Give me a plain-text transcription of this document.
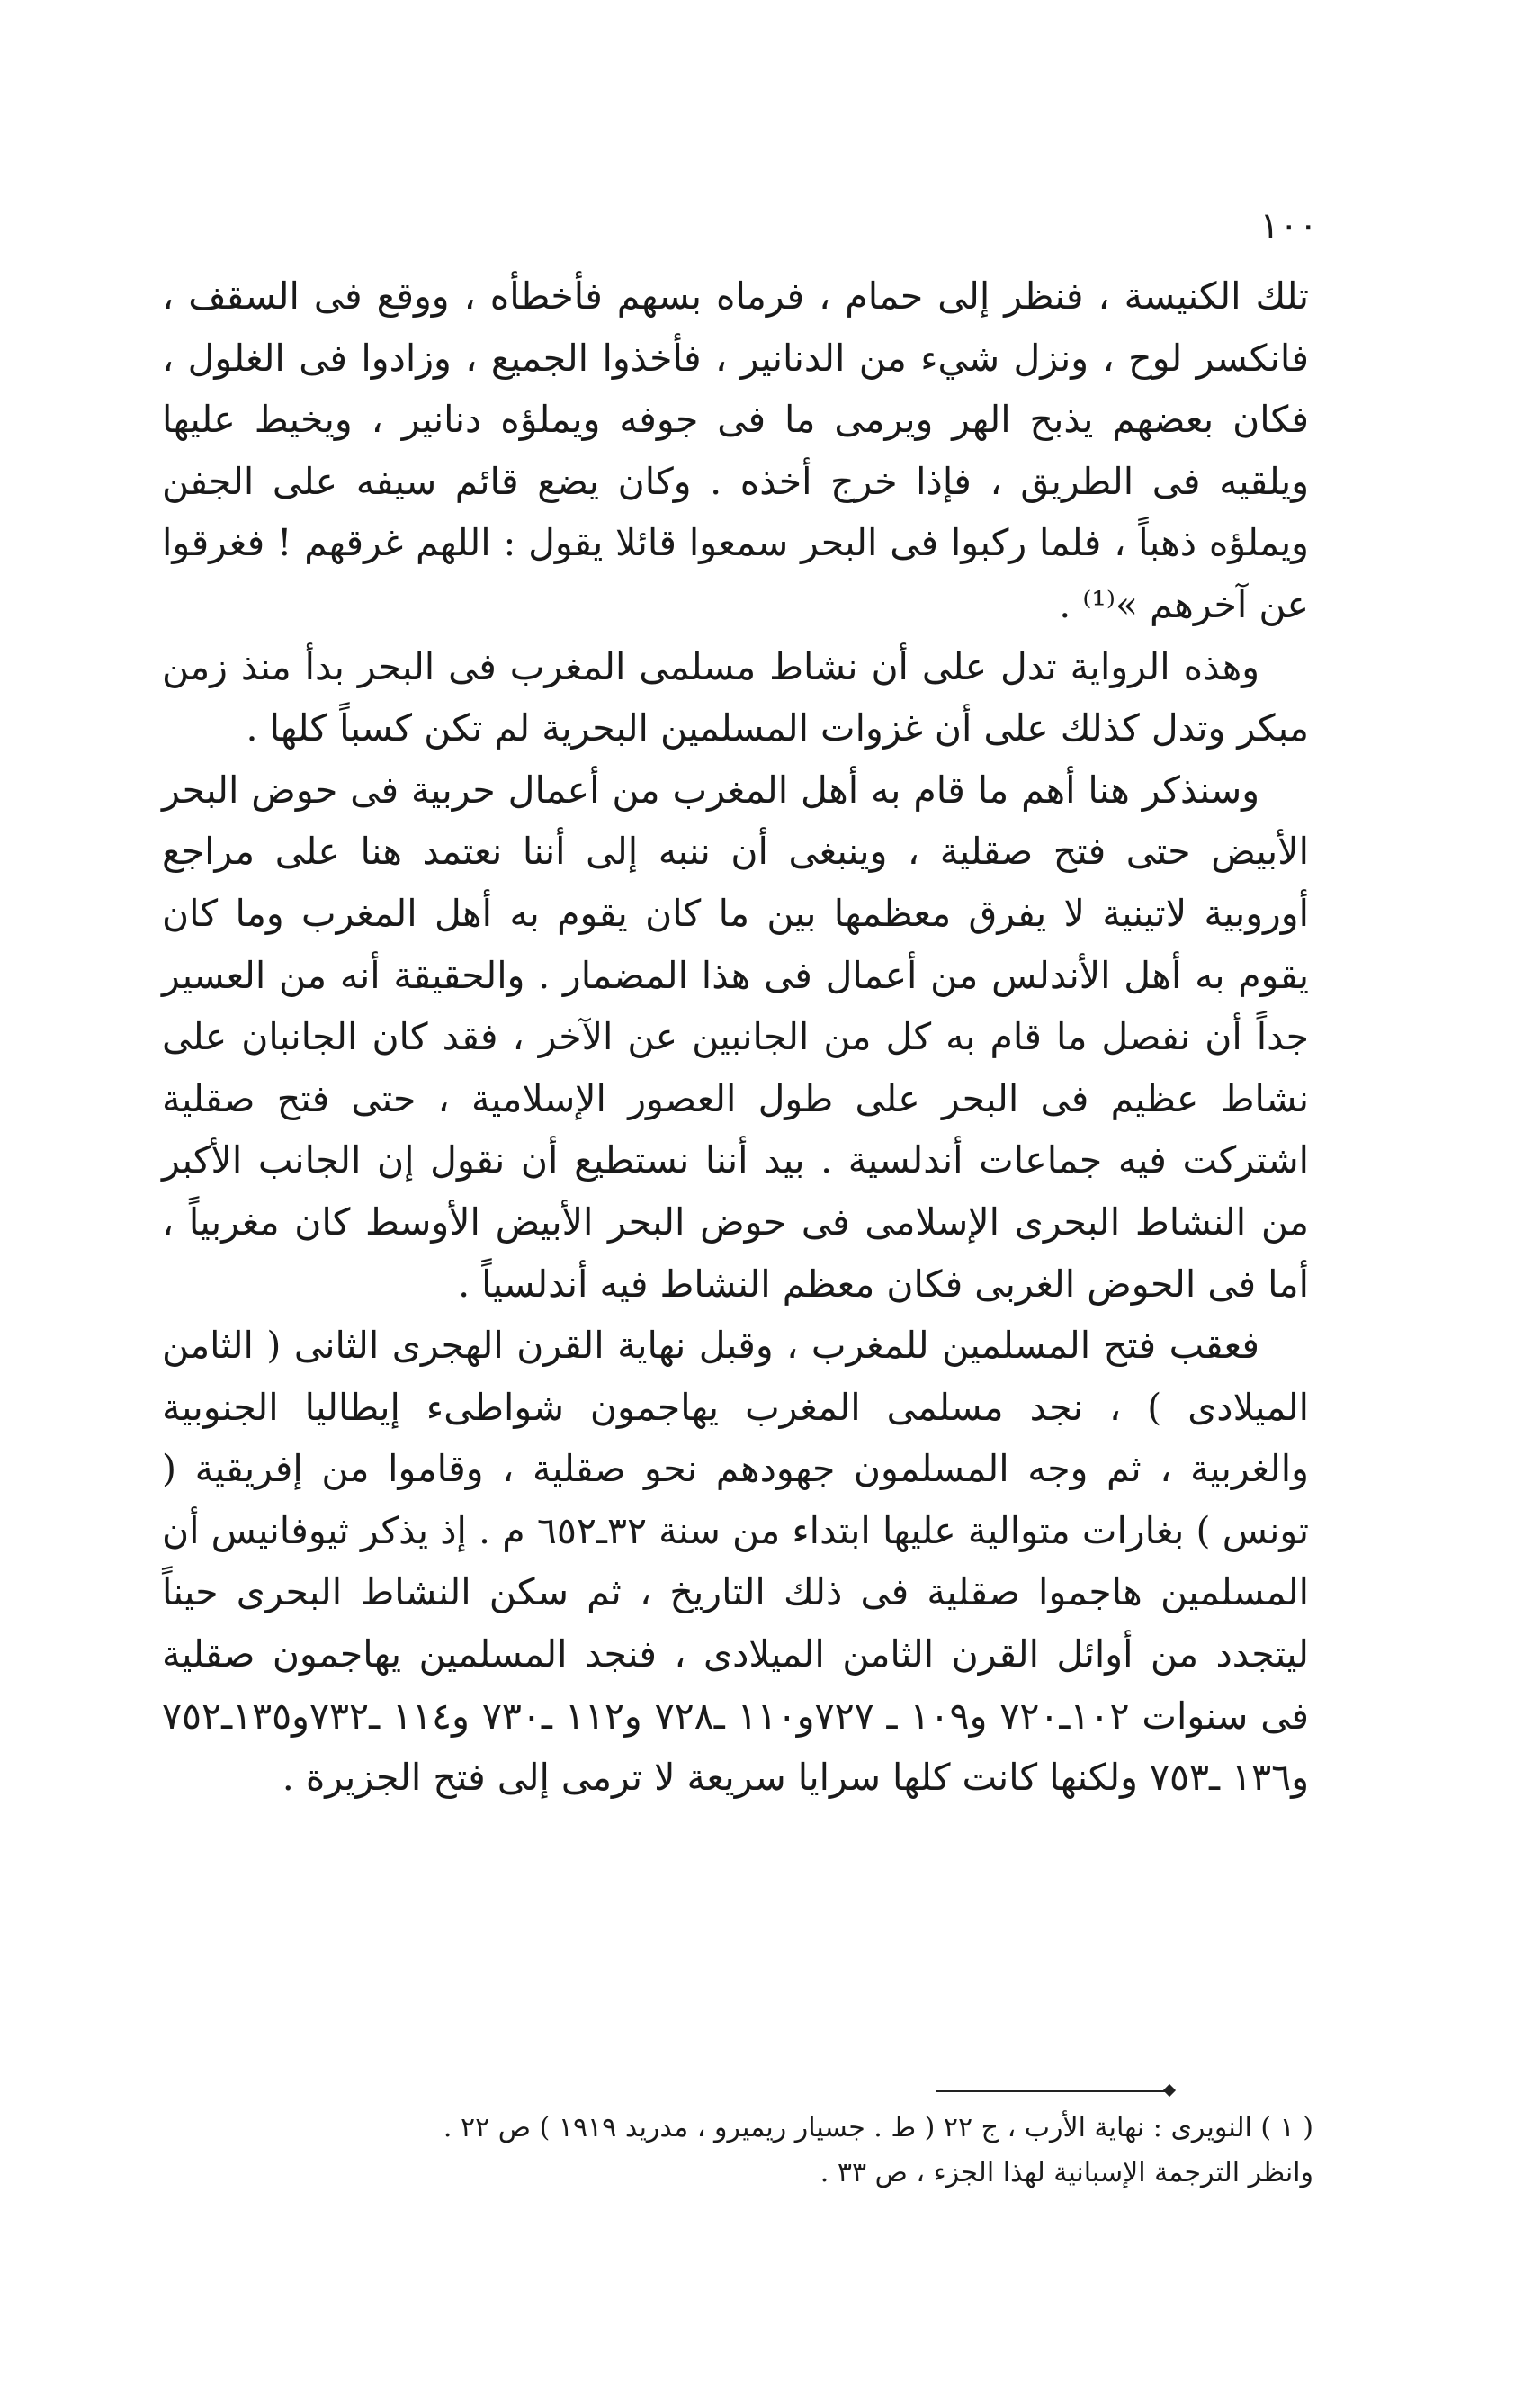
١٠٠

تلك الكنيسة ، فنظر إلى حمام ، فرماه بسهم فأخطأه ، ووقع فى السقف ، فانكسر لوح ، ونزل شيء من الدنانير ، فأخذوا الجميع ، وزادوا فى الغلول ، فكان بعضهم يذبح الهر ويرمى ما فى جوفه ويملؤه دنانير ، ويخيط عليها ويلقيه فى الطريق ، فإذا خرج أخذه . وكان يضع قائم سيفه على الجفن ويملؤه ذهباً ، فلما ركبوا فى البحر سمعوا قائلا يقول : اللهم غرقهم ! فغرقوا عن آخرهم »⁽¹⁾ .

وهذه الرواية تدل على أن نشاط مسلمى المغرب فى البحر بدأ منذ زمن مبكر وتدل كذلك على أن غزوات المسلمين البحرية لم تكن كسباً كلها .

وسنذكر هنا أهم ما قام به أهل المغرب من أعمال حربية فى حوض البحر الأبيض حتى فتح صقلية ، وينبغى أن ننبه إلى أننا نعتمد هنا على مراجع أوروبية لاتينية لا يفرق معظمها بين ما كان يقوم به أهل المغرب وما كان يقوم به أهل الأندلس من أعمال فى هذا المضمار . والحقيقة أنه من العسير جداً أن نفصل ما قام به كل من الجانبين عن الآخر ، فقد كان الجانبان على نشاط عظيم فى البحر على طول العصور الإسلامية ، حتى فتح صقلية اشتركت فيه جماعات أندلسية . بيد أننا نستطيع أن نقول إن الجانب الأكبر من النشاط البحرى الإسلامى فى حوض البحر الأبيض الأوسط كان مغربياً ، أما فى الحوض الغربى فكان معظم النشاط فيه أندلسياً .

فعقب فتح المسلمين للمغرب ، وقبل نهاية القرن الهجرى الثانى ( الثامن الميلادى ) ، نجد مسلمى المغرب يهاجمون شواطىء إيطاليا الجنوبية والغربية ، ثم وجه المسلمون جهودهم نحو صقلية ، وقاموا من إفريقية ( تونس ) بغارات متوالية عليها ابتداء من سنة ٣٢ـ٦٥٢ م . إذ يذكر ثيوفانيس أن المسلمين هاجموا صقلية فى ذلك التاريخ ، ثم سكن النشاط البحرى حيناً ليتجدد من أوائل القرن الثامن الميلادى ، فنجد المسلمين يهاجمون صقلية فى سنوات ١٠٢ـ٧٢٠ و١٠٩ ـ ٧٢٧و١١٠ ـ٧٢٨ و١١٢ ـ٧٣٠ و١١٤ ـ٧٣٢و١٣٥ـ٧٥٢ و١٣٦ ـ٧٥٣ ولكنها كانت كلها سرايا سريعة لا ترمى إلى فتح الجزيرة .

( ١ ) النويرى : نهاية الأرب ، ج ٢٢ ( ط . جسيار ريميرو ، مدريد ١٩١٩ ) ص ٢٢ .
وانظر الترجمة الإسبانية لهذا الجزء ، ص ٣٣ .
